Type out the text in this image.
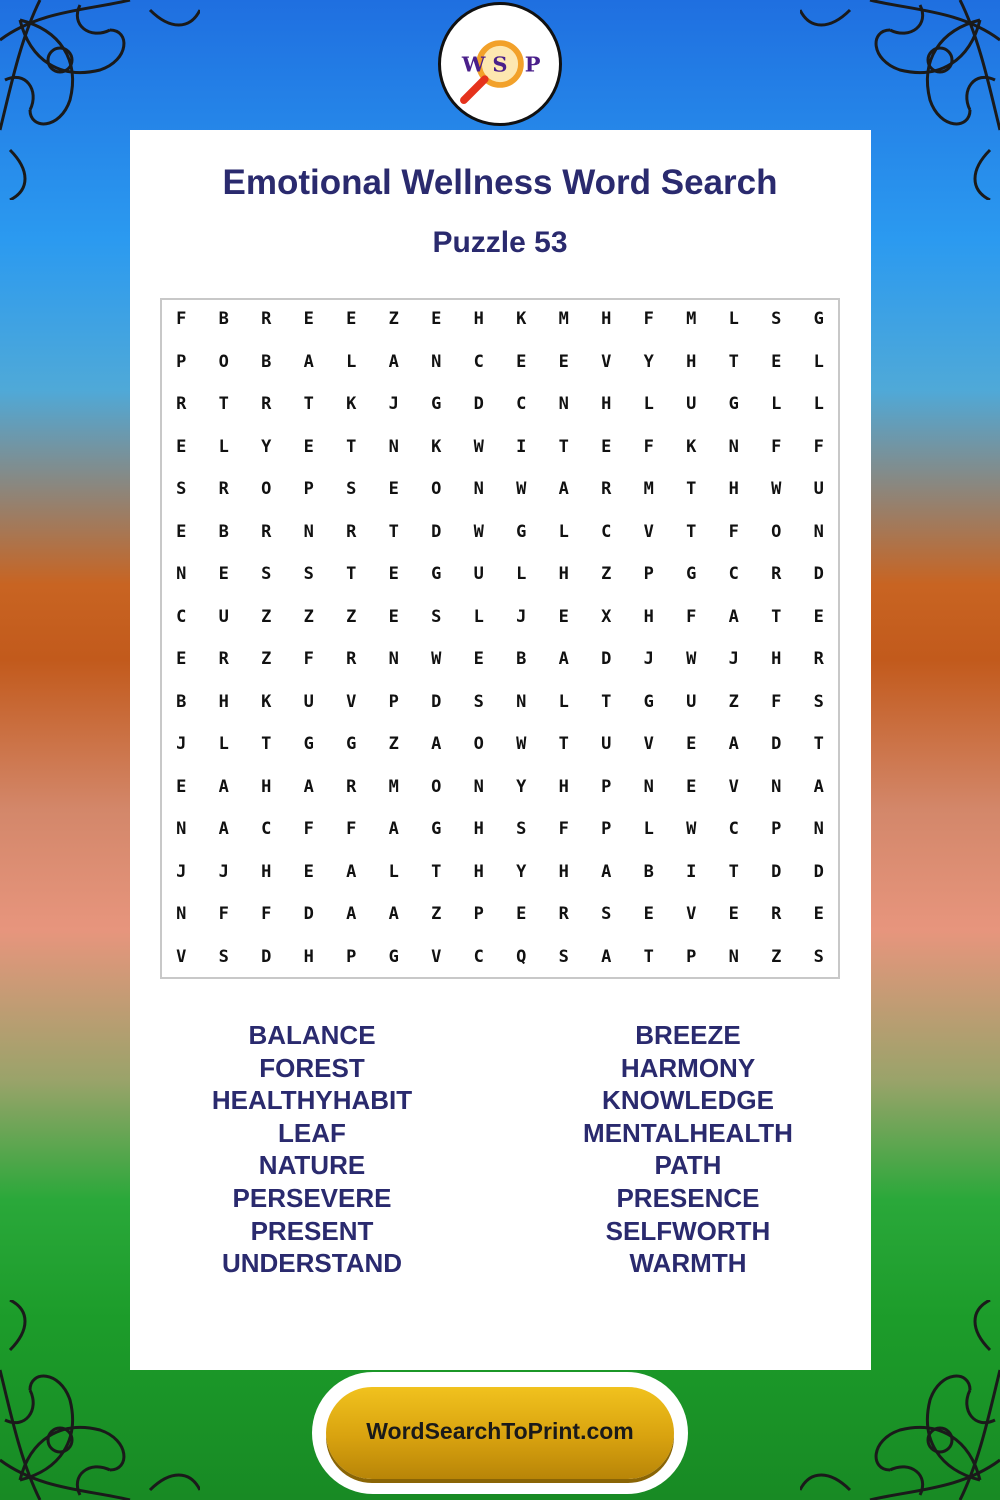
W S P
Emotional Wellness Word Search
Puzzle 53
F	B	R	E	E	Z	E	H	K	M	H	F	M	L	S	G
P	O	B	A	L	A	N	C	E	E	V	Y	H	T	E	L
R	T	R	T	K	J	G	D	C	N	H	L	U	G	L	L
E	L	Y	E	T	N	K	W	I	T	E	F	K	N	F	F
S	R	O	P	S	E	O	N	W	A	R	M	T	H	W	U
E	B	R	N	R	T	D	W	G	L	C	V	T	F	O	N
N	E	S	S	T	E	G	U	L	H	Z	P	G	C	R	D
C	U	Z	Z	Z	E	S	L	J	E	X	H	F	A	T	E
E	R	Z	F	R	N	W	E	B	A	D	J	W	J	H	R
B	H	K	U	V	P	D	S	N	L	T	G	U	Z	F	S
J	L	T	G	G	Z	A	O	W	T	U	V	E	A	D	T
E	A	H	A	R	M	O	N	Y	H	P	N	E	V	N	A
N	A	C	F	F	A	G	H	S	F	P	L	W	C	P	N
J	J	H	E	A	L	T	H	Y	H	A	B	I	T	D	D
N	F	F	D	A	A	Z	P	E	R	S	E	V	E	R	E
V	S	D	H	P	G	V	C	Q	S	A	T	P	N	Z	S
BALANCE
FOREST
HEALTHYHABIT
LEAF
NATURE
PERSEVERE
PRESENT
UNDERSTAND
BREEZE
HARMONY
KNOWLEDGE
MENTALHEALTH
PATH
PRESENCE
SELFWORTH
WARMTH
WordSearchToPrint.com
